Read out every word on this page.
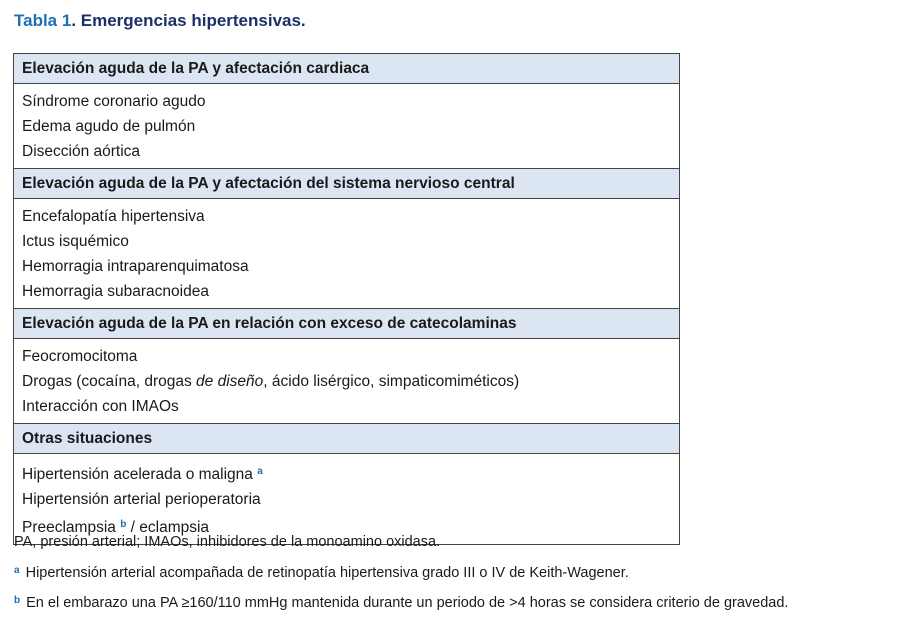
Tabla 1. Emergencias hipertensivas.
Elevación aguda de la PA y afectación cardiaca

Síndrome coronario agudo
Edema agudo de pulmón
Disección aórtica

Elevación aguda de la PA y afectación del sistema nervioso central

Encefalopatía hipertensiva
Ictus isquémico
Hemorragia intraparenquimatosa
Hemorragia subaracnoidea

Elevación aguda de la PA en relación con exceso de catecolaminas

Feocromocitoma
Drogas (cocaína, drogas de diseño, ácido lisérgico, simpaticomiméticos)
Interacción con IMAOs

Otras situaciones

Hipertensión acelerada o maligna $^a$
Hipertensión arterial perioperatoria
Preeclampsia $^b$ / eclampsia
PA, presión arterial; IMAOs, inhibidores de la monoamino oxidasa.
$^a$ Hipertensión arterial acompañada de retinopatía hipertensiva grado III o IV de Keith-Wagener.
$^b$ En el embarazo una PA ≥160/110 mmHg mantenida durante un periodo de >4 horas se considera criterio de gravedad.
